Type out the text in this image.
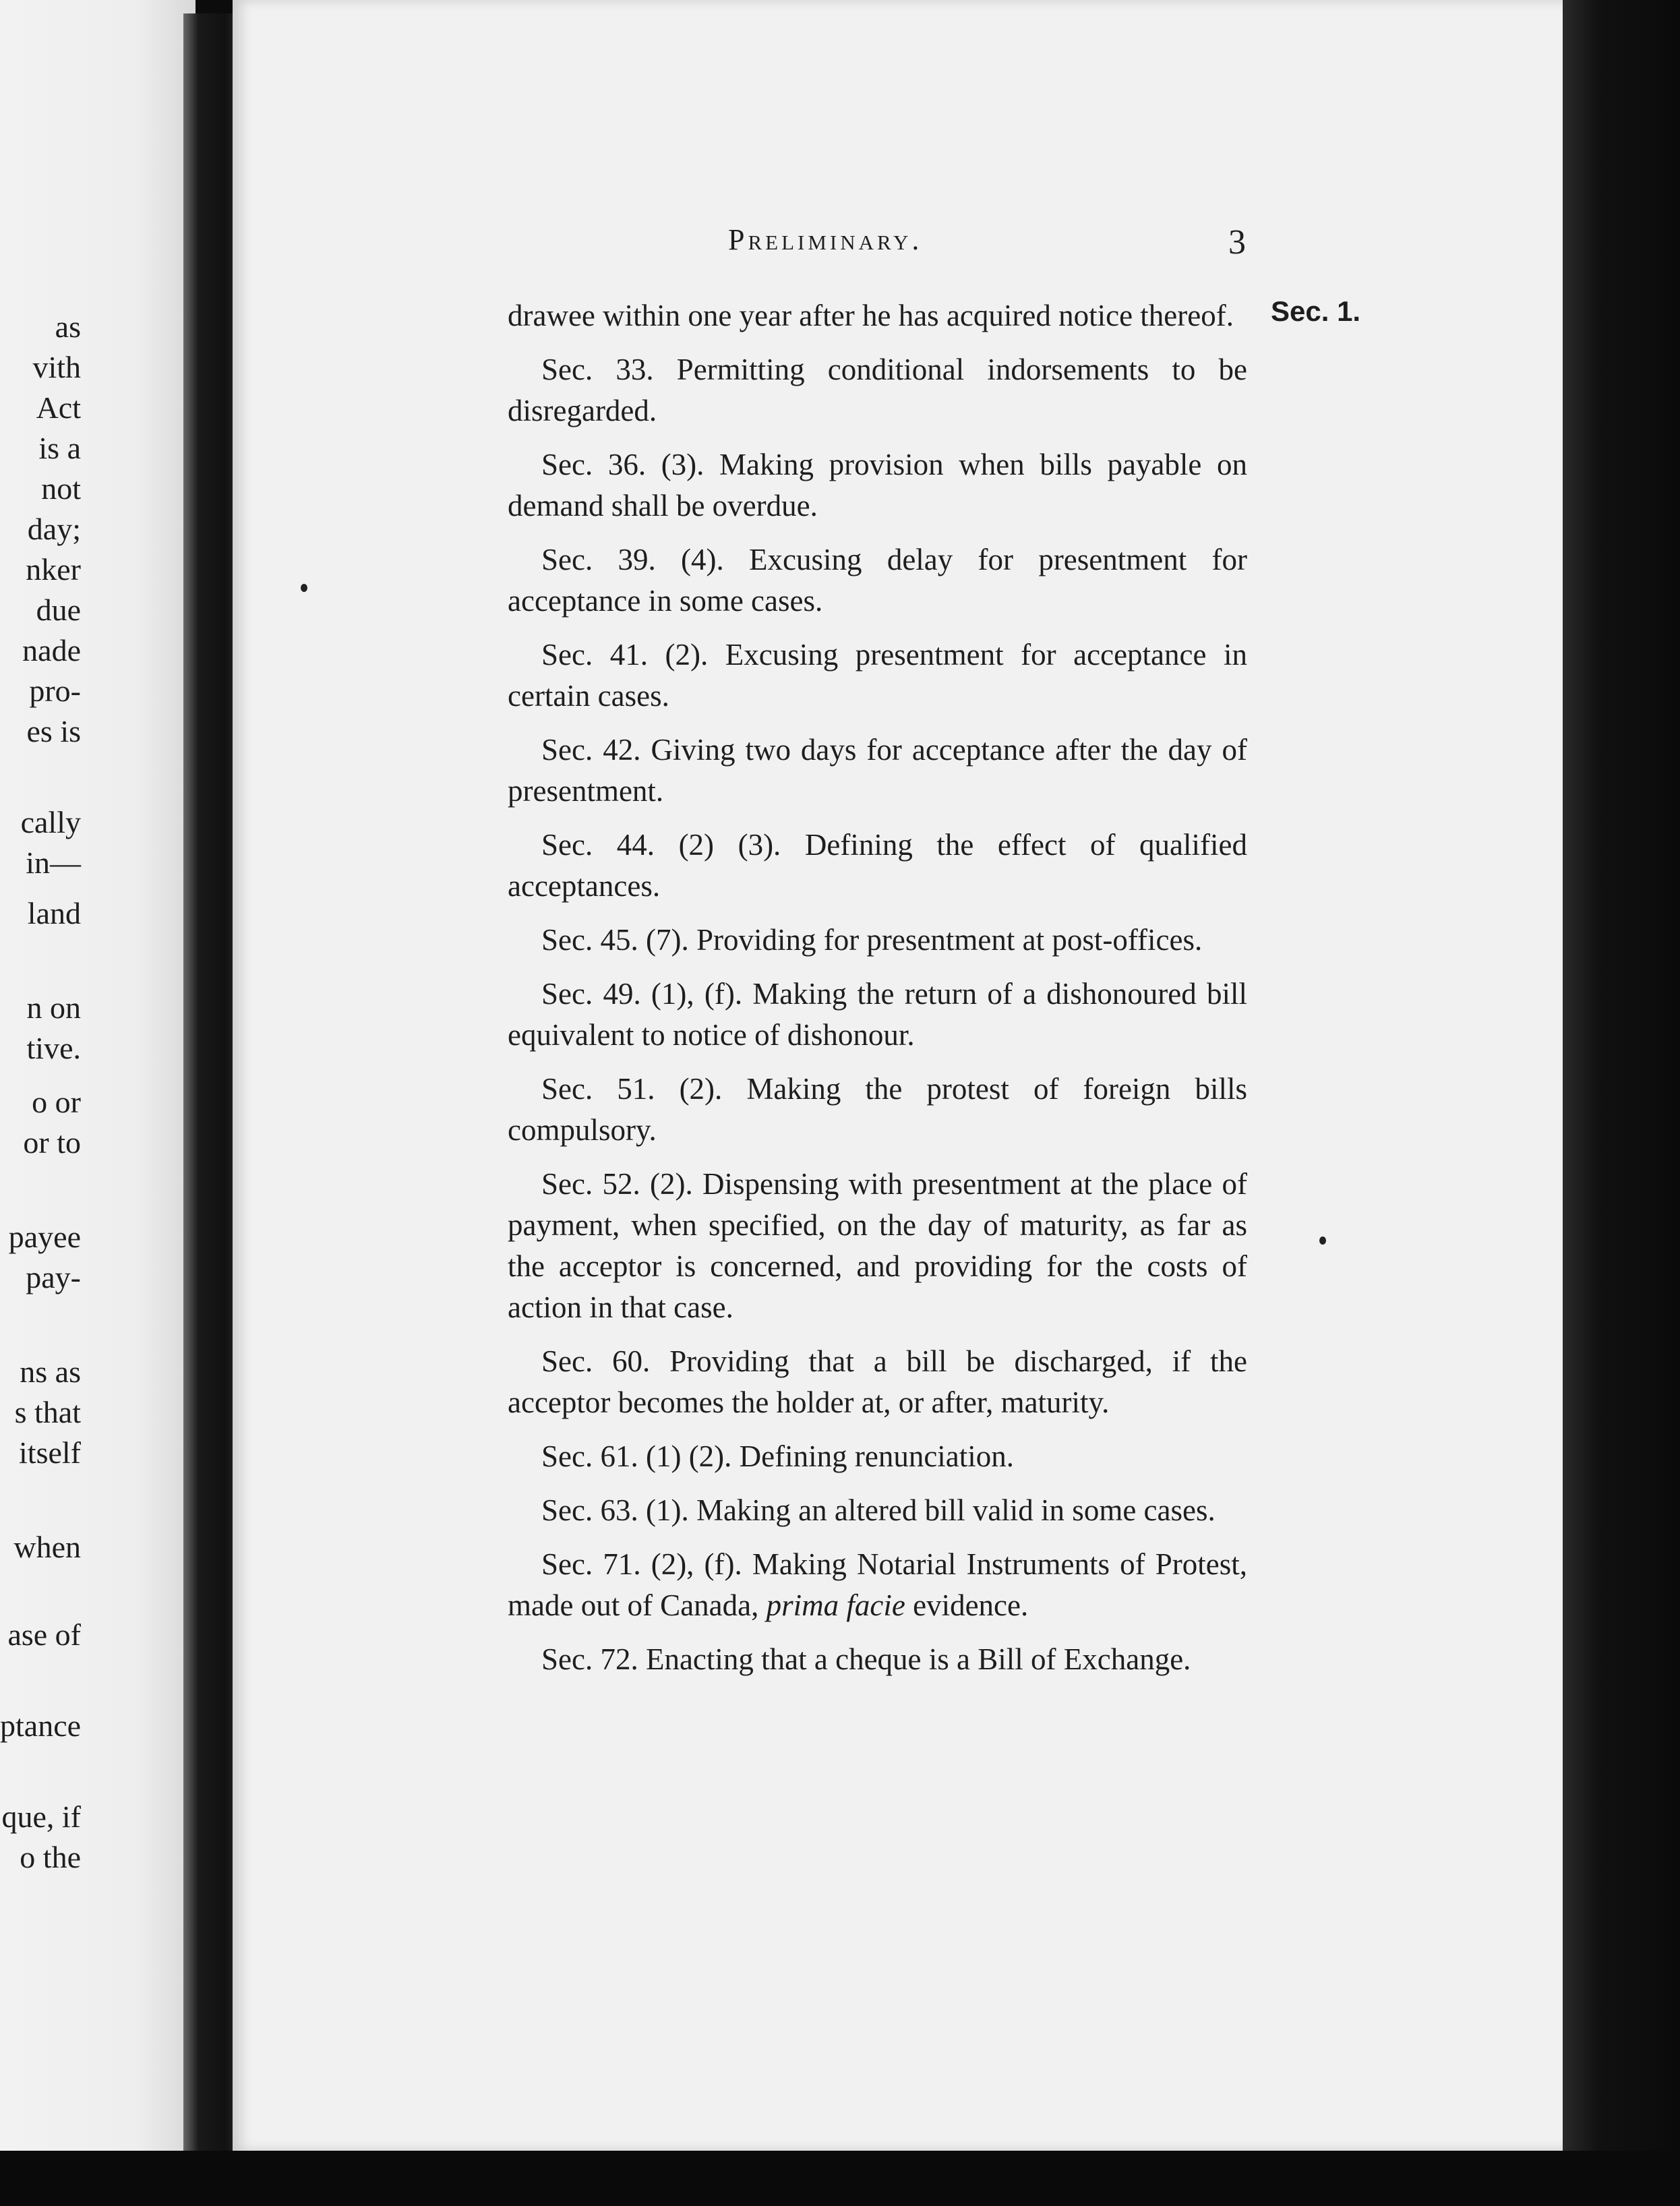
as
vith
Act
is a
not
day;
nker
due
nade
pro-
es is
cally
in—
land
n on
tive.
o or
or to
payee
pay-
ns as
s that
itself
when
ase of
ptance
que, if
o the
Preliminary.	3
Sec. 1.

drawee within one year after he has acquired notice thereof.

Sec. 33. Permitting conditional indorsements to be disregarded.

Sec. 36. (3). Making provision when bills payable on demand shall be overdue.

Sec. 39. (4). Excusing delay for presentment for acceptance in some cases.

Sec. 41. (2). Excusing presentment for acceptance in certain cases.

Sec. 42. Giving two days for acceptance after the day of presentment.

Sec. 44. (2) (3). Defining the effect of qualified acceptances.

Sec. 45. (7). Providing for presentment at post-offices.

Sec. 49. (1), (f). Making the return of a dishonoured bill equivalent to notice of dishonour.

Sec. 51. (2). Making the protest of foreign bills compulsory.

Sec. 52. (2). Dispensing with presentment at the place of payment, when specified, on the day of maturity, as far as the acceptor is concerned, and providing for the costs of action in that case.

Sec. 60. Providing that a bill be discharged, if the acceptor becomes the holder at, or after, maturity.

Sec. 61. (1) (2). Defining renunciation.

Sec. 63. (1). Making an altered bill valid in some cases.

Sec. 71. (2), (f). Making Notarial Instruments of Protest, made out of Canada, prima facie evidence.

Sec. 72. Enacting that a cheque is a Bill of Exchange.
